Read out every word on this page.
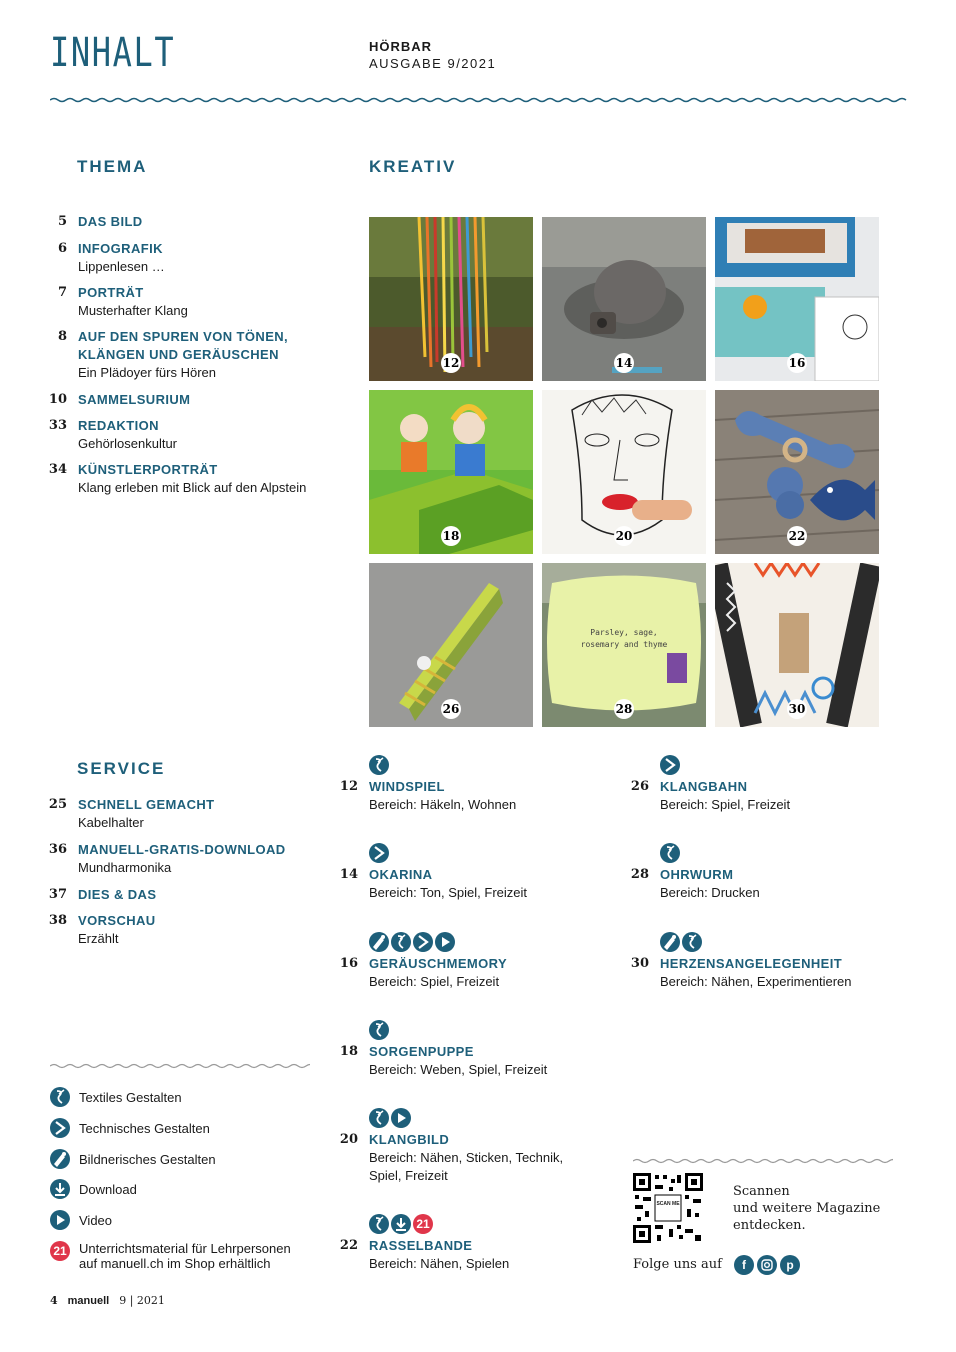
INHALT	HÖRBAR
AUSGABE 9/2021
THEMA	KREATIV
SERVICE
5 DAS BILD
6 INFOGRAFIK
Lippenlesen …
7 PORTRÄT
Musterhafter Klang
8 AUF DEN SPUREN VON TÖNEN,
KLÄNGEN UND GERÄUSCHEN
Ein Plädoyer fürs Hören
10 SAMMELSURIUM
33 REDAKTION
Gehörlosenkultur
34 KÜNSTLERPORTRÄT
Klang erleben mit Blick auf den Alpstein
12	14	16
18	20	22
26
Parsley, sage,
rosemary and thyme
28	30
12 WINDSPIEL
Bereich: Häkeln, Wohnen
14 OKARINA
Bereich: Ton, Spiel, Freizeit
16 GERÄUSCHMEMORY
Bereich: Spiel, Freizeit
18 SORGENPUPPE
Bereich: Weben, Spiel, Freizeit
20 KLANGBILD
Bereich: Nähen, Sticken, Technik,
Spiel, Freizeit
21
22 RASSELBANDE
Bereich: Nähen, Spielen
26 KLANGBAHN
Bereich: Spiel, Freizeit
28 OHRWURM
Bereich: Drucken
30 HERZENSANGELEGENHEIT
Bereich: Nähen, Experimentieren
25 SCHNELL GEMACHT
Kabelhalter
36 MANUELL-GRATIS-DOWNLOAD
Mundharmonika
37 DIES & DAS
38 VORSCHAU
Erzählt
Textiles Gestalten
Technisches Gestalten
Bildnerisches Gestalten
Download
Video
21 Unterrichtsmaterial für Lehrpersonen
auf manuell.ch im Shop erhältlich
SCAN ME
Scannen
und weitere Magazine
entdecken.
Folge uns auf	f	p
4 manuell 9 | 2021
